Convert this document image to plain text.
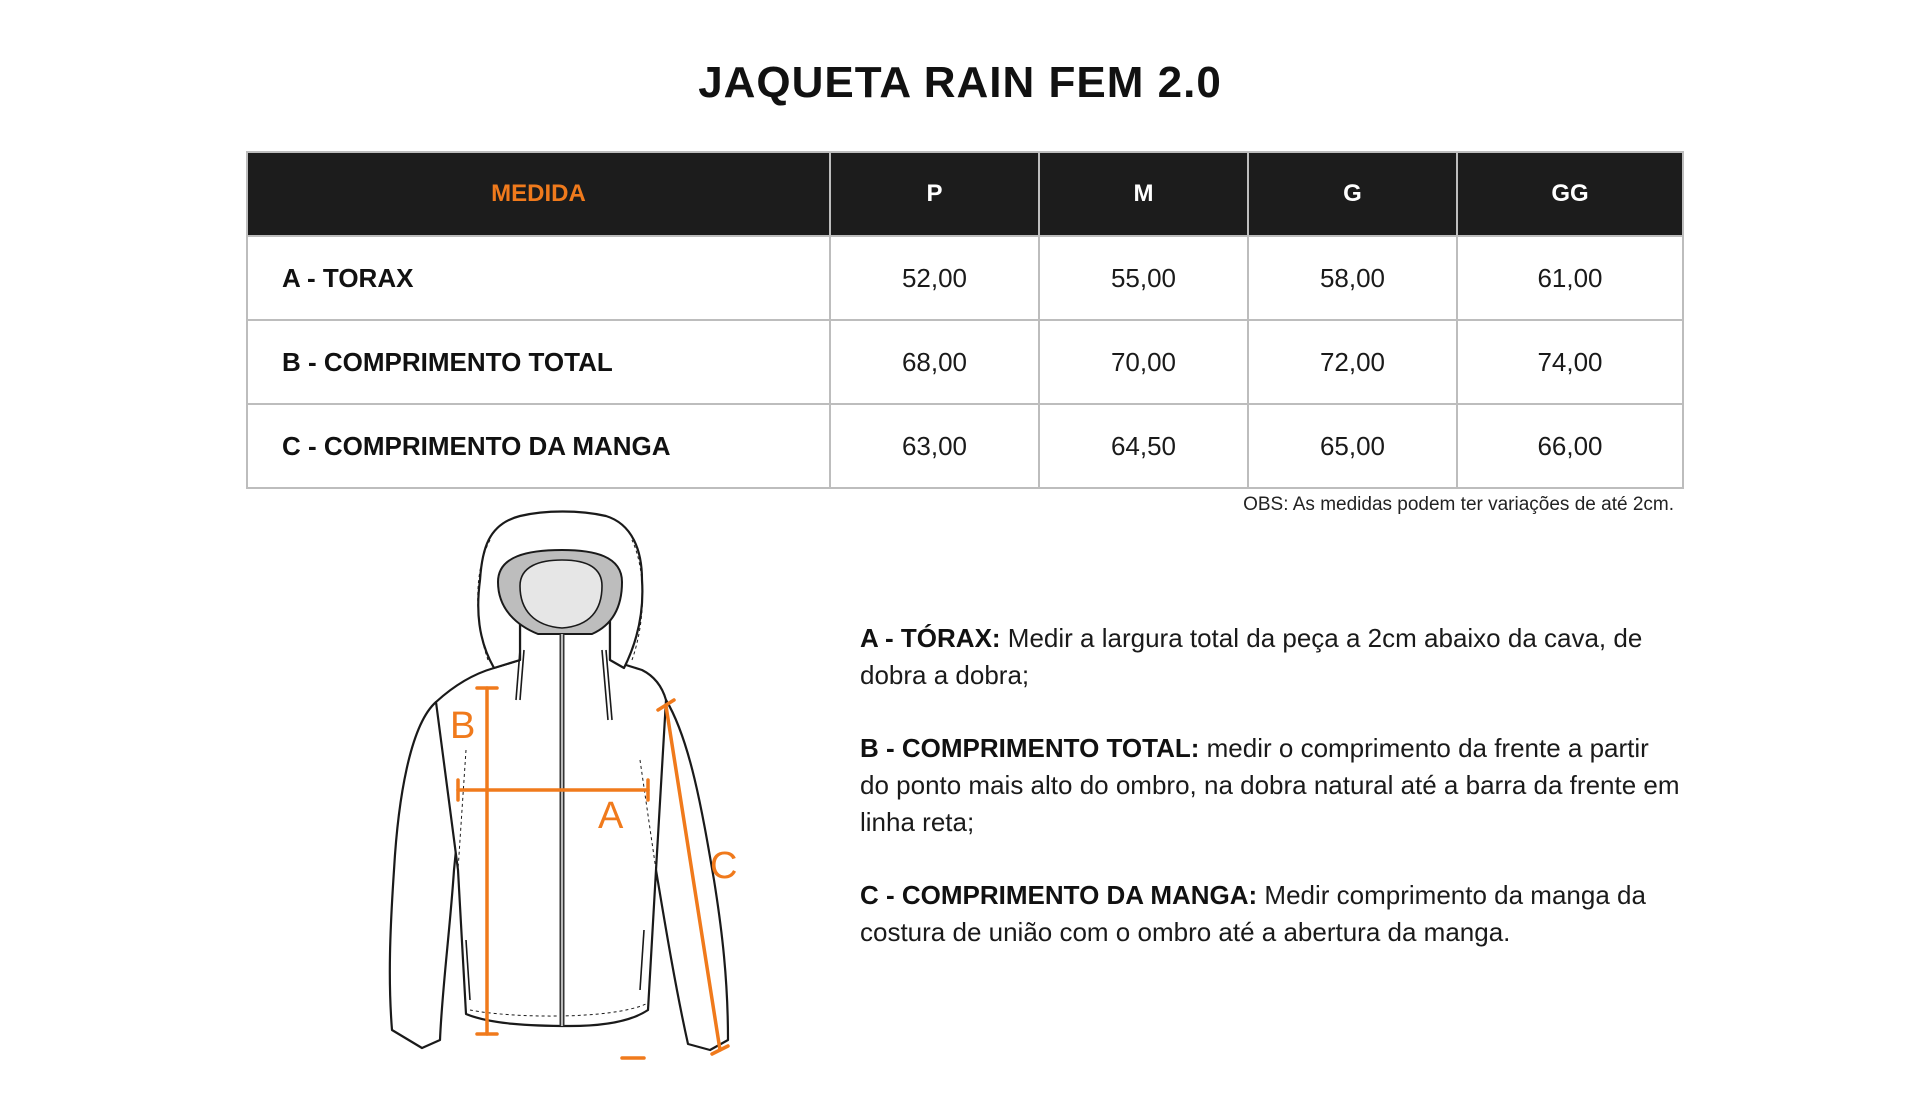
JAQUETA RAIN FEM 2.0
MEDIDA	P	M	G	GG
A - TORAX	52,00	55,00	58,00	61,00
B - COMPRIMENTO TOTAL	68,00	70,00	72,00	74,00
C - COMPRIMENTO DA MANGA	63,00	64,50	65,00	66,00
OBS: As medidas podem ter variações de até 2cm.
B
A
C

A - TÓRAX: Medir a largura total da peça a 2cm abaixo da cava, de dobra a dobra;

B - COMPRIMENTO TOTAL: medir o comprimento da frente a partir do ponto mais alto do ombro, na dobra natural até a barra da frente em linha reta;

C - COMPRIMENTO DA MANGA: Medir comprimento da manga da costura de união com o ombro até a abertura da manga.
